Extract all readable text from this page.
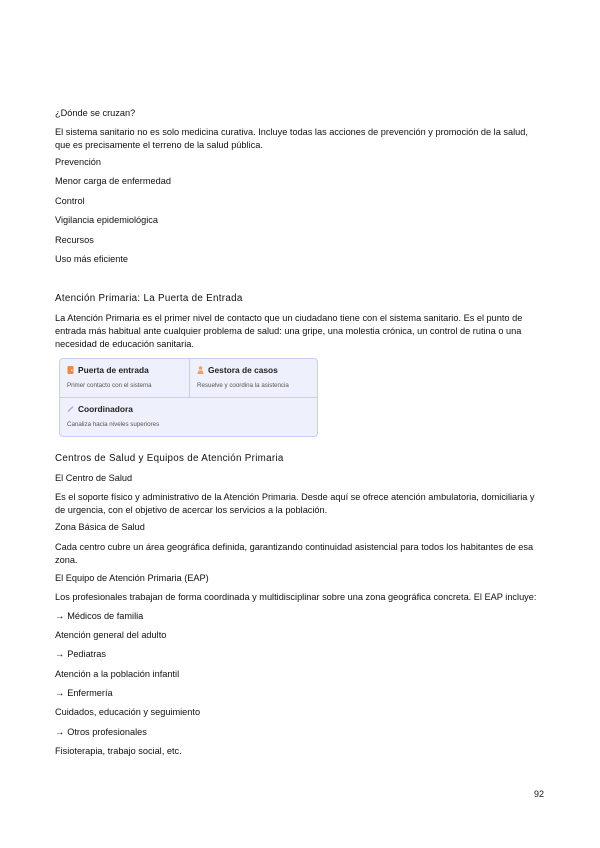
¿Dónde se cruzan?

El sistema sanitario no es solo medicina curativa. Incluye todas las acciones de prevención y promoción de la salud, que es precisamente el terreno de la salud pública.

Prevención

Menor carga de enfermedad

Control

Vigilancia epidemiológica

Recursos

Uso más eficiente

Atención Primaria: La Puerta de Entrada

La Atención Primaria es el primer nivel de contacto que un ciudadano tiene con el sistema sanitario. Es el punto de entrada más habitual ante cualquier problema de salud: una gripe, una molestia crónica, un control de rutina o una necesidad de educación sanitaria.

Puerta de entrada
Primer contacto con el sistema
Gestora de casos
Resuelve y coordina la asistencia
Coordinadora
Canaliza hacia niveles superiores

Centros de Salud y Equipos de Atención Primaria

El Centro de Salud

Es el soporte físico y administrativo de la Atención Primaria. Desde aquí se ofrece atención ambulatoria, domiciliaria y de urgencia, con el objetivo de acercar los servicios a la población.

Zona Básica de Salud

Cada centro cubre un área geográfica definida, garantizando continuidad asistencial para todos los habitantes de esa zona.

El Equipo de Atención Primaria (EAP)

Los profesionales trabajan de forma coordinada y multidisciplinar sobre una zona geográfica concreta. El EAP incluye:

→ Médicos de familia

Atención general del adulto

→ Pediatras

Atención a la población infantil

→ Enfermería

Cuidados, educación y seguimiento

→ Otros profesionales

Fisioterapia, trabajo social, etc.

92
